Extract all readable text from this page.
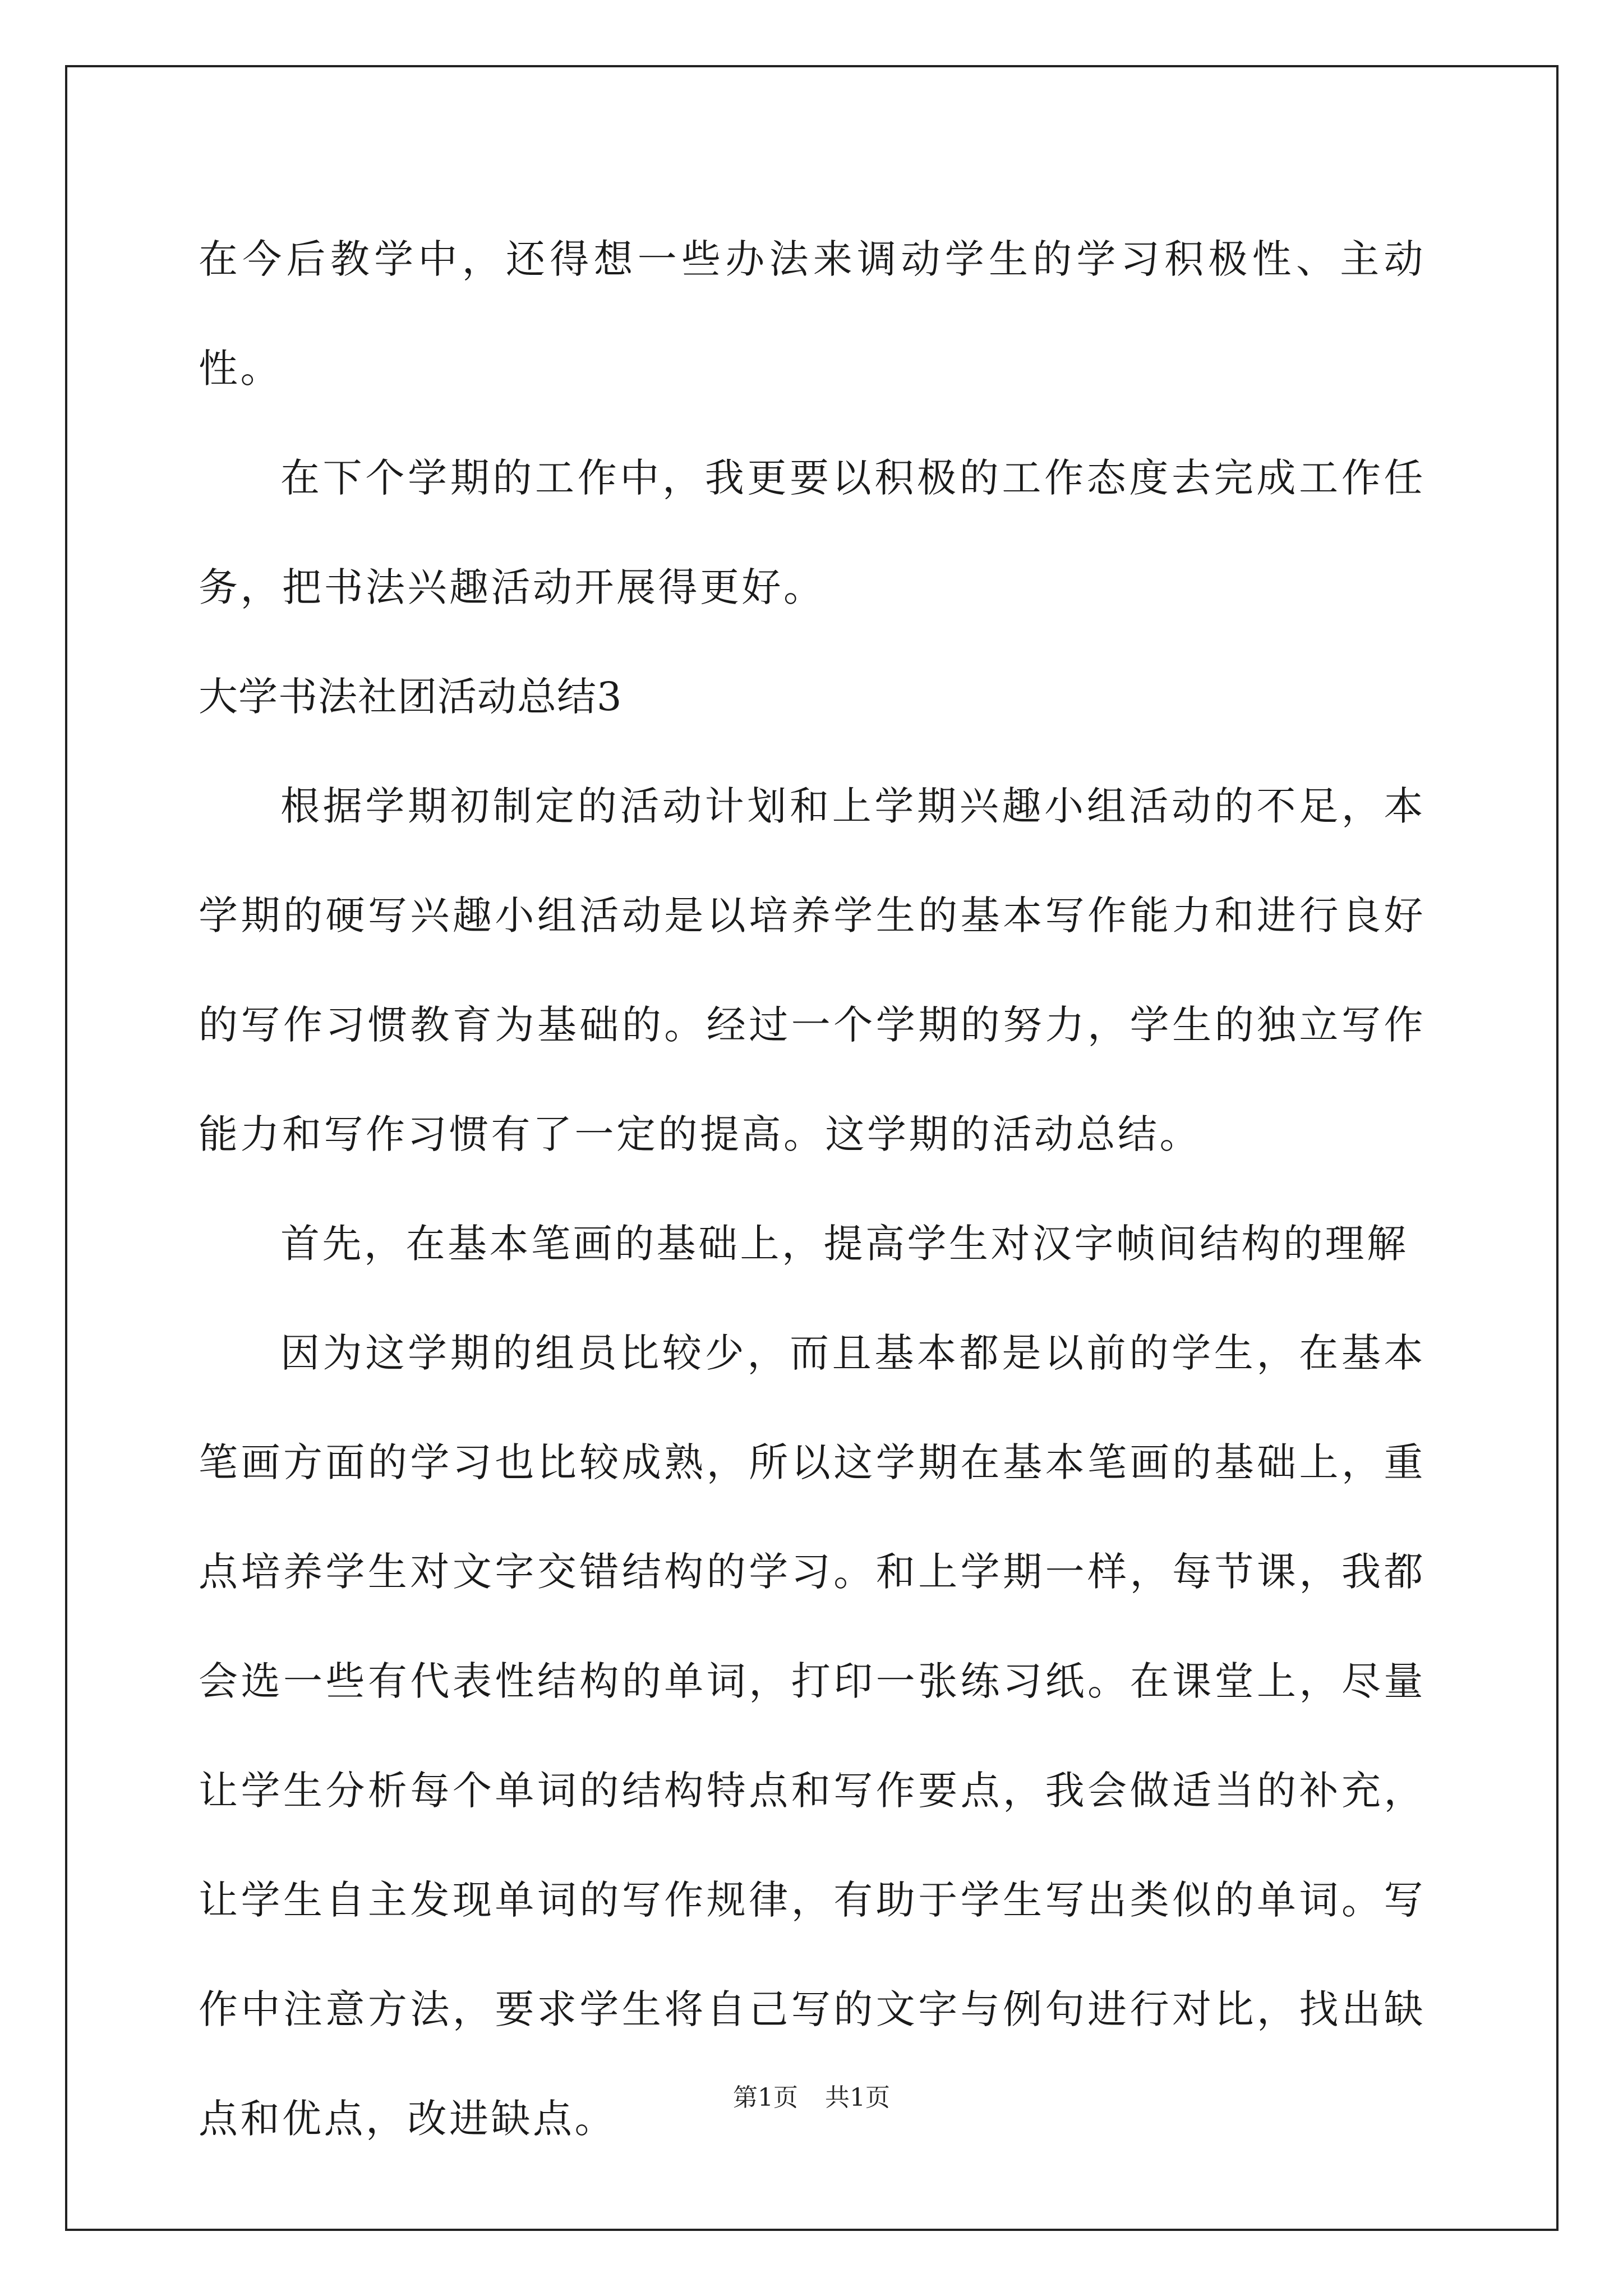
在今后教学中，还得想一些办法来调动学生的学习积极性、主动性。

在下个学期的工作中，我更要以积极的工作态度去完成工作任务，把书法兴趣活动开展得更好。

大学书法社团活动总结3

根据学期初制定的活动计划和上学期兴趣小组活动的不足，本学期的硬写兴趣小组活动是以培养学生的基本写作能力和进行良好的写作习惯教育为基础的。经过一个学期的努力，学生的独立写作能力和写作习惯有了一定的提高。这学期的活动总结。

首先，在基本笔画的基础上，提高学生对汉字帧间结构的理解

因为这学期的组员比较少，而且基本都是以前的学生，在基本笔画方面的学习也比较成熟，所以这学期在基本笔画的基础上，重点培养学生对文字交错结构的学习。和上学期一样，每节课，我都会选一些有代表性结构的单词，打印一张练习纸。在课堂上，尽量让学生分析每个单词的结构特点和写作要点，我会做适当的补充，让学生自主发现单词的写作规律，有助于学生写出类似的单词。写作中注意方法，要求学生将自己写的文字与例句进行对比，找出缺点和优点，改进缺点。	第1页 共1页
